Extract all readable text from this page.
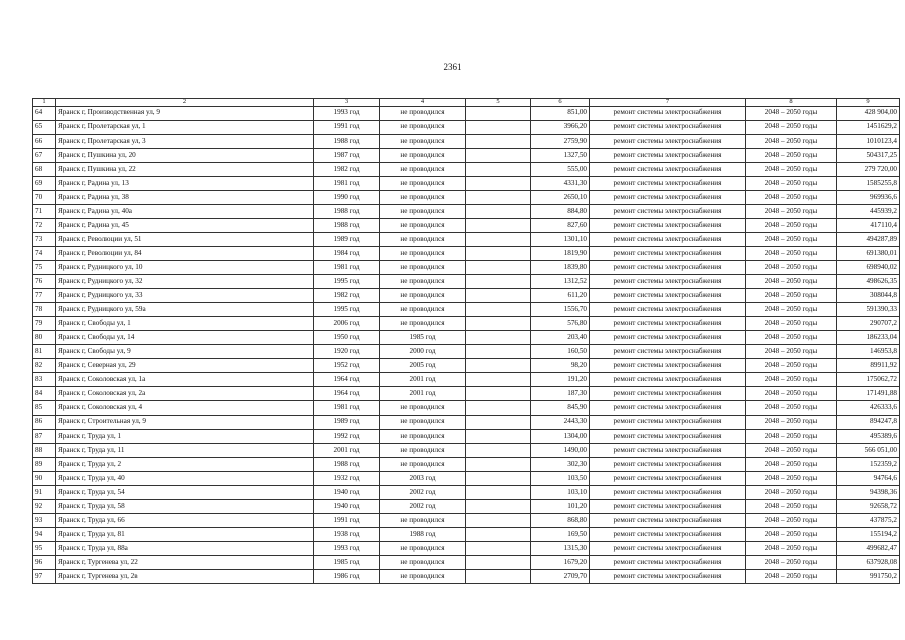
2361
1	2	3	4	5	6	7	8	9
64	Яранск г, Производственная ул, 9	1993 год	не проводился		851,00	ремонт системы электроснабжения	2048 – 2050 годы	428 904,00
65	Яранск г, Пролетарская ул, 1	1991 год	не проводился		3966,20	ремонт системы электроснабжения	2048 – 2050 годы	1451629,2
66	Яранск г, Пролетарская ул, 3	1988 год	не проводился		2759,90	ремонт системы электроснабжения	2048 – 2050 годы	1010123,4
67	Яранск г, Пушкина ул, 20	1987 год	не проводился		1327,50	ремонт системы электроснабжения	2048 – 2050 годы	504317,25
68	Яранск г, Пушкина ул, 22	1982 год	не проводился		555,00	ремонт системы электроснабжения	2048 – 2050 годы	279 720,00
69	Яранск г, Радина ул, 13	1981 год	не проводился		4331,30	ремонт системы электроснабжения	2048 – 2050 годы	1585255,8
70	Яранск г, Радина ул, 38	1990 год	не проводился		2650,10	ремонт системы электроснабжения	2048 – 2050 годы	969936,6
71	Яранск г, Радина ул, 40а	1988 год	не проводился		884,80	ремонт системы электроснабжения	2048 – 2050 годы	445939,2
72	Яранск г, Радина ул, 45	1988 год	не проводился		827,60	ремонт системы электроснабжения	2048 – 2050 годы	417110,4
73	Яранск г, Революции ул, 51	1989 год	не проводился		1301,10	ремонт системы электроснабжения	2048 – 2050 годы	494287,89
74	Яранск г, Революции ул, 84	1984 год	не проводился		1819,90	ремонт системы электроснабжения	2048 – 2050 годы	691380,01
75	Яранск г, Рудницкого ул, 10	1981 год	не проводился		1839,80	ремонт системы электроснабжения	2048 – 2050 годы	698940,02
76	Яранск г, Рудницкого ул, 32	1995 год	не проводился		1312,52	ремонт системы электроснабжения	2048 – 2050 годы	498626,35
77	Яранск г, Рудницкого ул, 33	1982 год	не проводился		611,20	ремонт системы электроснабжения	2048 – 2050 годы	308044,8
78	Яранск г, Рудницкого ул, 59а	1995 год	не проводился		1556,70	ремонт системы электроснабжения	2048 – 2050 годы	591390,33
79	Яранск г, Свободы ул, 1	2006 год	не проводился		576,80	ремонт системы электроснабжения	2048 – 2050 годы	290707,2
80	Яранск г, Свободы ул, 14	1950 год	1985 год		203,40	ремонт системы электроснабжения	2048 – 2050 годы	186233,04
81	Яранск г, Свободы ул, 9	1920 год	2000 год		160,50	ремонт системы электроснабжения	2048 – 2050 годы	146953,8
82	Яранск г, Северная ул, 29	1952 год	2005 год		98,20	ремонт системы электроснабжения	2048 – 2050 годы	89911,92
83	Яранск г, Соколовская ул, 1а	1964 год	2001 год		191,20	ремонт системы электроснабжения	2048 – 2050 годы	175062,72
84	Яранск г, Соколовская ул, 2а	1964 год	2001 год		187,30	ремонт системы электроснабжения	2048 – 2050 годы	171491,88
85	Яранск г, Соколовская ул, 4	1981 год	не проводился		845,90	ремонт системы электроснабжения	2048 – 2050 годы	426333,6
86	Яранск г, Строительная ул, 9	1989 год	не проводился		2443,30	ремонт системы электроснабжения	2048 – 2050 годы	894247,8
87	Яранск г, Труда ул, 1	1992 год	не проводился		1304,00	ремонт системы электроснабжения	2048 – 2050 годы	495389,6
88	Яранск г, Труда ул, 11	2001 год	не проводился		1490,00	ремонт системы электроснабжения	2048 – 2050 годы	566 051,00
89	Яранск г, Труда ул, 2	1988 год	не проводился		302,30	ремонт системы электроснабжения	2048 – 2050 годы	152359,2
90	Яранск г, Труда ул, 40	1932 год	2003 год		103,50	ремонт системы электроснабжения	2048 – 2050 годы	94764,6
91	Яранск г, Труда ул, 54	1940 год	2002 год		103,10	ремонт системы электроснабжения	2048 – 2050 годы	94398,36
92	Яранск г, Труда ул, 58	1940 год	2002 год		101,20	ремонт системы электроснабжения	2048 – 2050 годы	92658,72
93	Яранск г, Труда ул, 66	1991 год	не проводился		868,80	ремонт системы электроснабжения	2048 – 2050 годы	437875,2
94	Яранск г, Труда ул, 81	1938 год	1988 год		169,50	ремонт системы электроснабжения	2048 – 2050 годы	155194,2
95	Яранск г, Труда ул, 88а	1993 год	не проводился		1315,30	ремонт системы электроснабжения	2048 – 2050 годы	499682,47
96	Яранск г, Тургенева ул, 22	1985 год	не проводился		1679,20	ремонт системы электроснабжения	2048 – 2050 годы	637928,08
97	Яранск г, Тургенева ул, 2в	1986 год	не проводился		2709,70	ремонт системы электроснабжения	2048 – 2050 годы	991750,2
